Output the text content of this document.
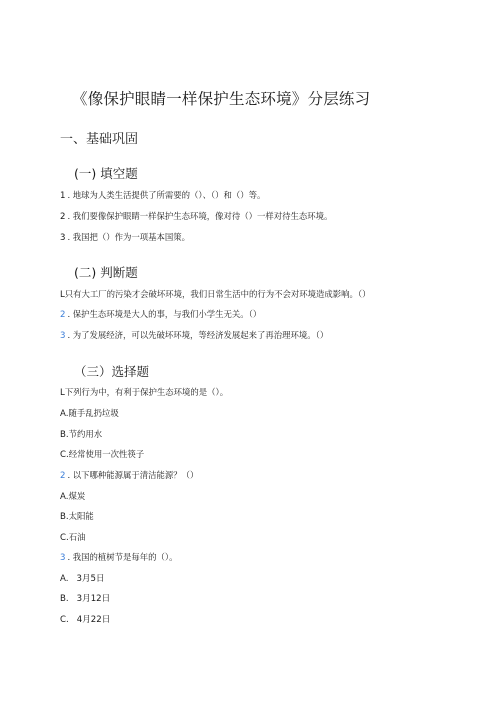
《像保护眼睛一样保护生态环境》分层练习
一、基础巩固
(一) 填空题
1 . 地球为人类生活提供了所需要的（）、（）和（）等。
2 . 我们要像保护眼睛一样保护生态环境，像对待（）一样对待生态环境。
3 . 我国把（）作为一项基本国策。
(二) 判断题
L只有大工厂的污染才会破坏环境，我们日常生活中的行为不会对环境造成影响。（）
2 . 保护生态环境是大人的事，与我们小学生无关。（）
3 . 为了发展经济，可以先破坏环境，等经济发展起来了再治理环境。（）
（三）选择题
L下列行为中，有利于保护生态环境的是（）。
A.随手乱扔垃圾
B.节约用水
C.经常使用一次性筷子
2 . 以下哪种能源属于清洁能源？（）
A.煤炭
B.太阳能
C.石油
3 . 我国的植树节是每年的（）。
A. 3月5日
B. 3月12日
C. 4月22日
